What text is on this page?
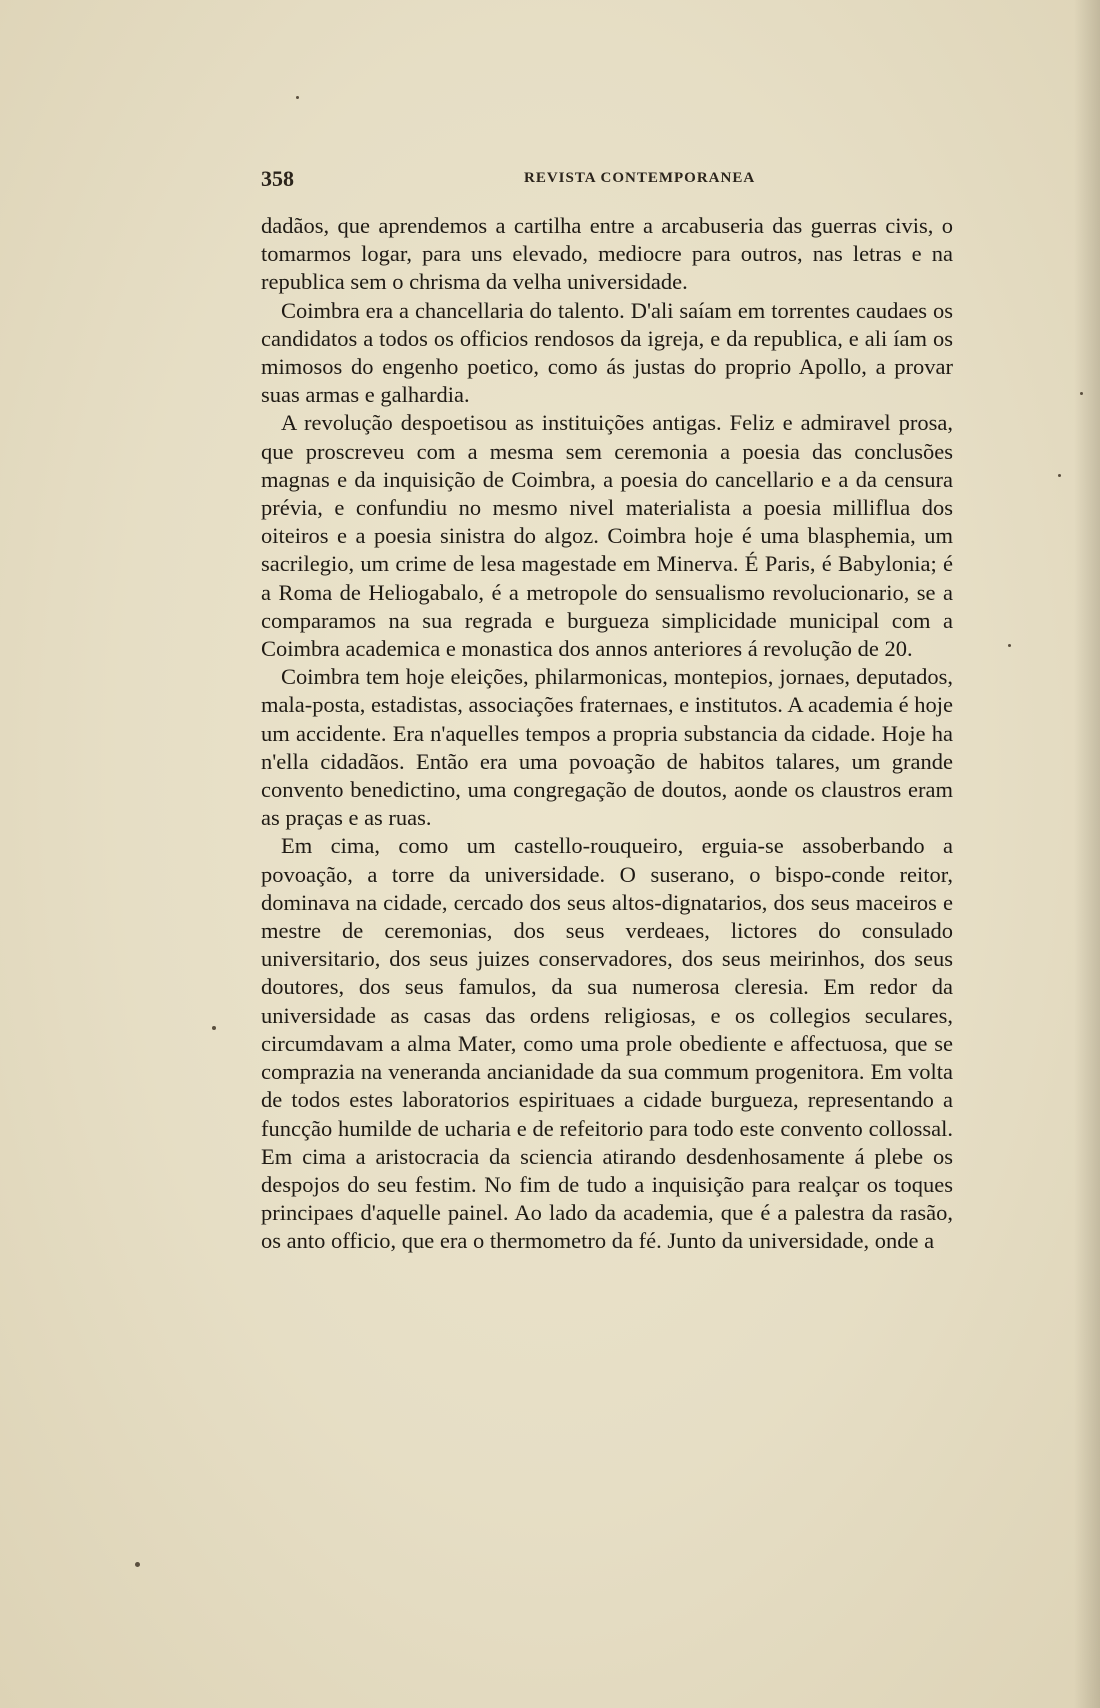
358	REVISTA CONTEMPORANEA

dadãos, que aprendemos a cartilha entre a arcabuseria das guerras civis, o tomarmos logar, para uns elevado, mediocre para outros, nas letras e na republica sem o chrisma da velha universidade.

Coimbra era a chancellaria do talento. D'ali saíam em torrentes caudaes os candidatos a todos os officios rendosos da igreja, e da republica, e ali íam os mimosos do engenho poetico, como ás justas do proprio Apollo, a provar suas armas e galhardia.

A revolução despoetisou as instituições antigas. Feliz e admiravel prosa, que proscreveu com a mesma sem ceremonia a poesia das conclusões magnas e da inquisição de Coimbra, a poesia do cancellario e a da censura prévia, e confundiu no mesmo nivel materialista a poesia milliflua dos oiteiros e a poesia sinistra do algoz. Coimbra hoje é uma blasphemia, um sacrilegio, um crime de lesa magestade em Minerva. É Paris, é Babylonia; é a Roma de Heliogabalo, é a metropole do sensualismo revolucionario, se a comparamos na sua regrada e burgueza simplicidade municipal com a Coimbra academica e monastica dos annos anteriores á revolução de 20.

Coimbra tem hoje eleições, philarmonicas, montepios, jornaes, deputados, mala-posta, estadistas, associações fraternaes, e institutos. A academia é hoje um accidente. Era n'aquelles tempos a propria substancia da cidade. Hoje ha n'ella cidadãos. Então era uma povoação de habitos talares, um grande convento benedictino, uma congregação de doutos, aonde os claustros eram as praças e as ruas.

Em cima, como um castello-rouqueiro, erguia-se assoberbando a povoação, a torre da universidade. O suserano, o bispo-conde reitor, dominava na cidade, cercado dos seus altos-dignatarios, dos seus maceiros e mestre de ceremonias, dos seus verdeaes, lictores do consulado universitario, dos seus juizes conservadores, dos seus meirinhos, dos seus doutores, dos seus famulos, da sua numerosa cleresia. Em redor da universidade as casas das ordens religiosas, e os collegios seculares, circumdavam a alma Mater, como uma prole obediente e affectuosa, que se comprazia na veneranda ancianidade da sua commum progenitora. Em volta de todos estes laboratorios espirituaes a cidade burgueza, representando a funcção humilde de ucharia e de refeitorio para todo este convento collossal. Em cima a aristocracia da sciencia atirando desdenhosamente á plebe os despojos do seu festim. No fim de tudo a inquisição para realçar os toques principaes d'aquelle painel. Ao lado da academia, que é a palestra da rasão, os anto officio, que era o thermometro da fé. Junto da universidade, onde a
